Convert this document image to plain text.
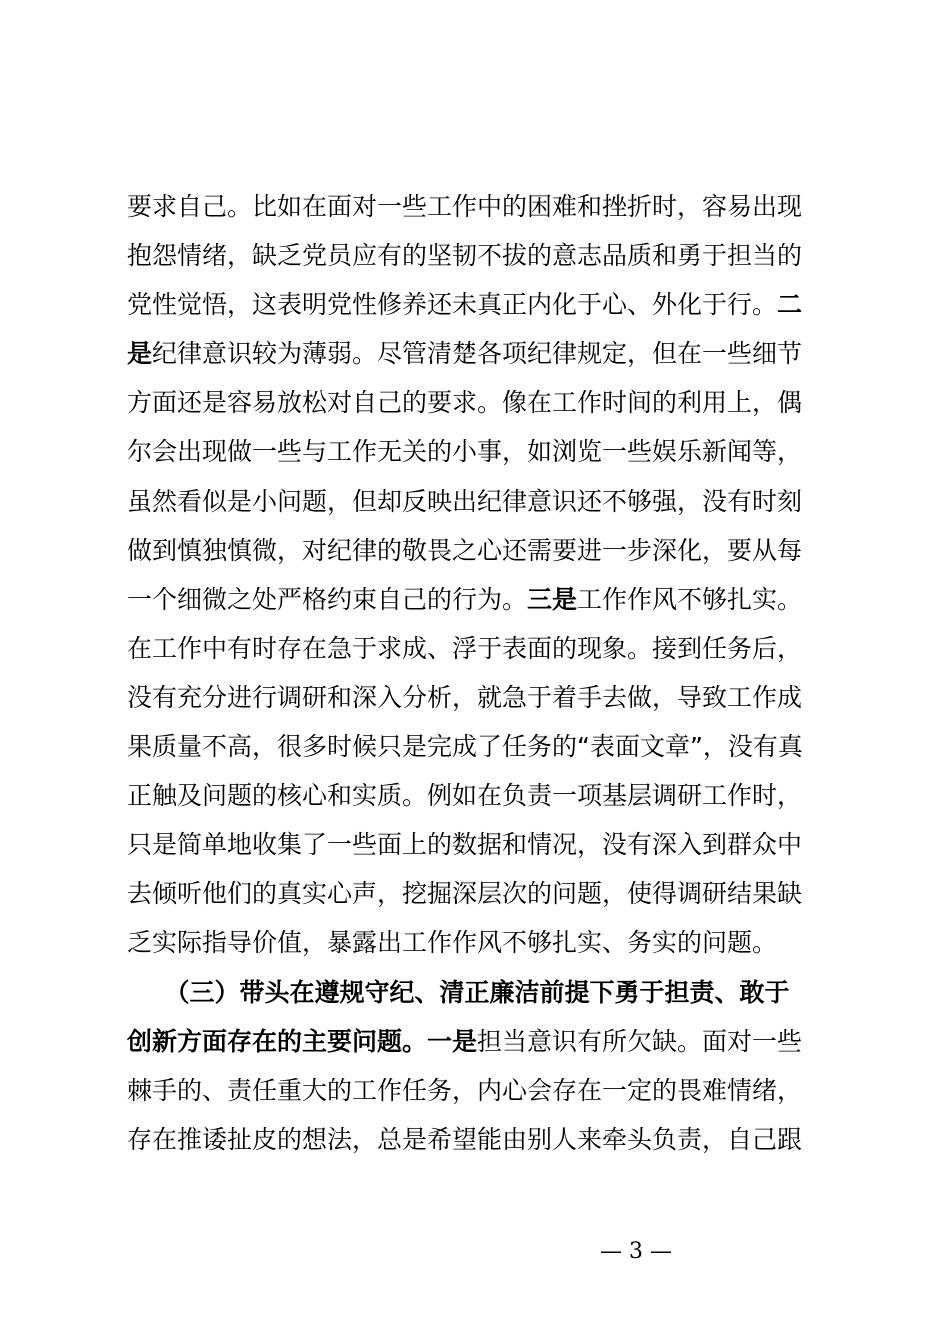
要求自己。比如在面对一些工作中的困难和挫折时，容易出现
抱怨情绪，缺乏党员应有的坚韧不拔的意志品质和勇于担当的
党性觉悟，这表明党性修养还未真正内化于心、外化于行。二
是纪律意识较为薄弱。尽管清楚各项纪律规定，但在一些细节
方面还是容易放松对自己的要求。像在工作时间的利用上，偶
尔会出现做一些与工作无关的小事，如浏览一些娱乐新闻等，
虽然看似是小问题，但却反映出纪律意识还不够强，没有时刻
做到慎独慎微，对纪律的敬畏之心还需要进一步深化，要从每
一个细微之处严格约束自己的行为。三是工作作风不够扎实。
在工作中有时存在急于求成、浮于表面的现象。接到任务后，
没有充分进行调研和深入分析，就急于着手去做，导致工作成
果质量不高，很多时候只是完成了任务的“表面文章”，没有真
正触及问题的核心和实质。例如在负责一项基层调研工作时，
只是简单地收集了一些面上的数据和情况，没有深入到群众中
去倾听他们的真实心声，挖掘深层次的问题，使得调研结果缺
乏实际指导价值，暴露出工作作风不够扎实、务实的问题。
　　（三）带头在遵规守纪、清正廉洁前提下勇于担责、敢于
创新方面存在的主要问题。一是担当意识有所欠缺。面对一些
棘手的、责任重大的工作任务，内心会存在一定的畏难情绪，
存在推诿扯皮的想法，总是希望能由别人来牵头负责，自己跟
— 3 —
